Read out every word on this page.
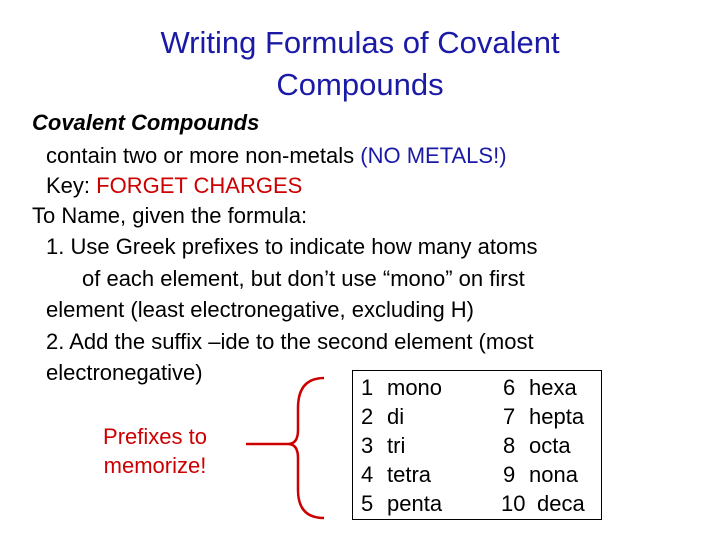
Writing Formulas of Covalent
Compounds
Covalent Compounds
contain two or more non-metals (NO METALS!)
Key: FORGET CHARGES
To Name, given the formula:
1. Use Greek prefixes to indicate how many atoms
of each element, but don’t use “mono” on first
element (least electronegative, excluding H)
2. Add the suffix –ide to the second element (most
electronegative)
Prefixes to memorize!
1 mono
2 di
3 tri
4 tetra
5 penta
6 hexa
7 hepta
8 octa
9 nona
10 deca
